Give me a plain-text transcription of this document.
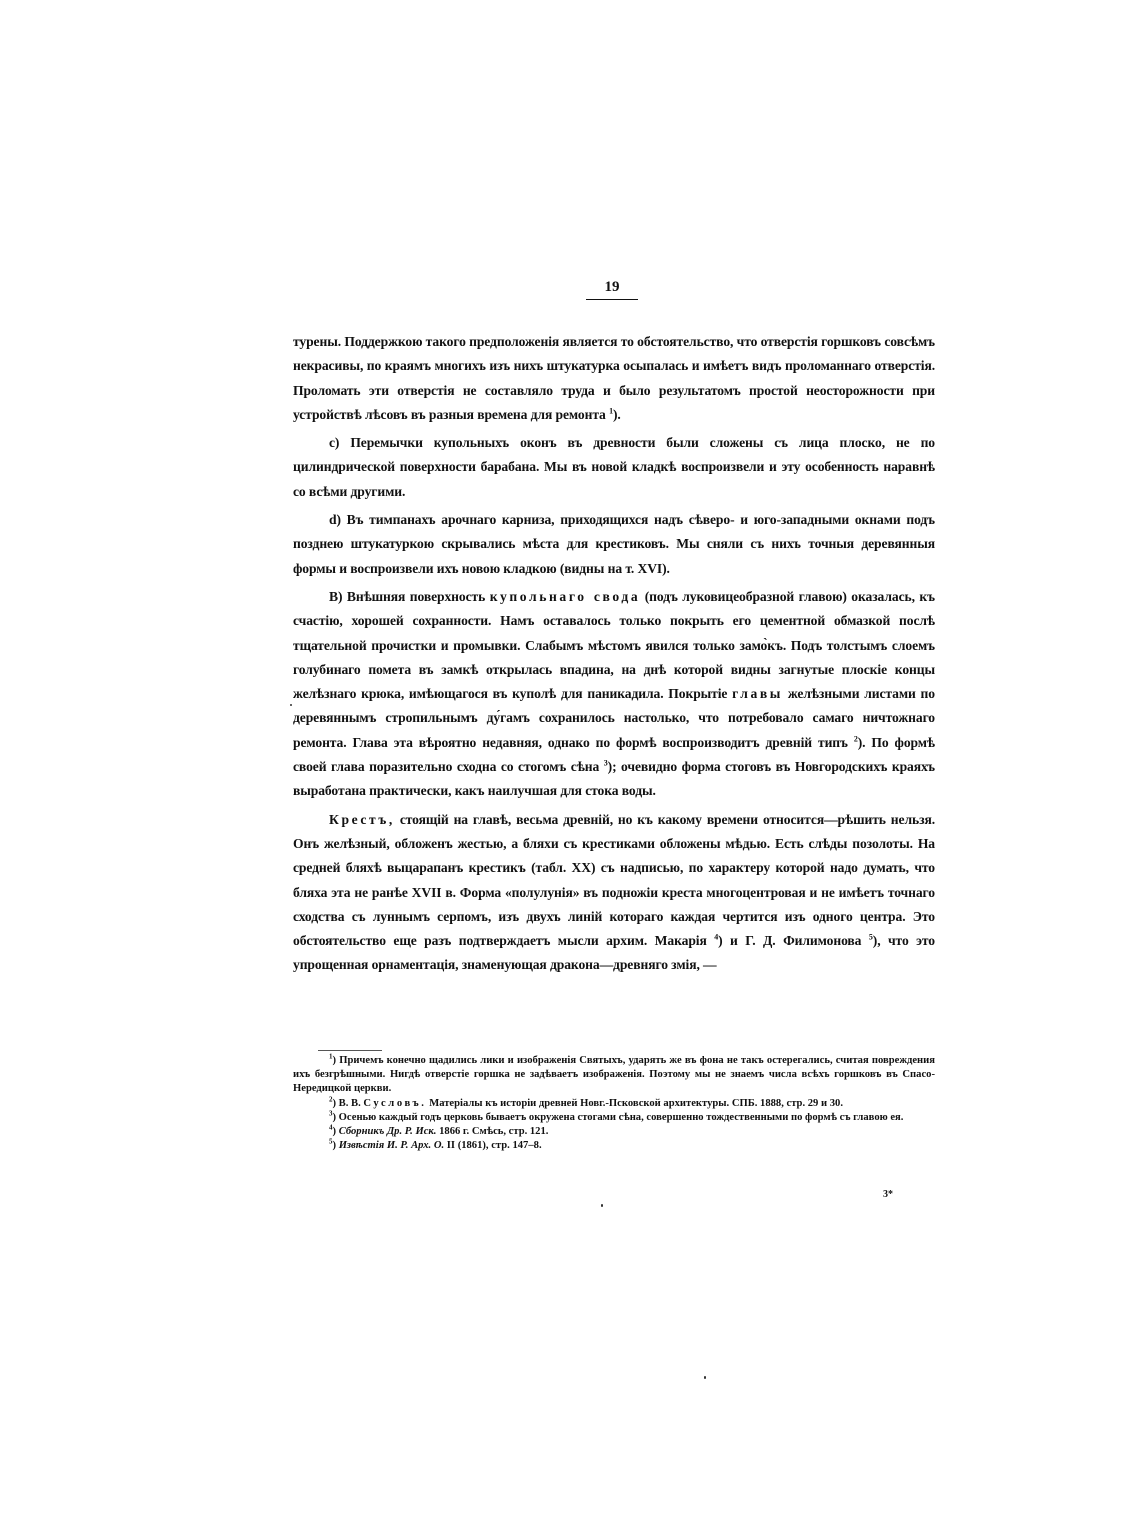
19

турены. Поддержкою такого предположенія является то обстоятельство, что отверстія горшковъ совсѣмъ некрасивы, по краямъ многихъ изъ нихъ штукатурка осыпалась и имѣетъ видъ проломаннаго отверстія. Проломать эти отверстія не составляло труда и было результатомъ простой неосторожности при устройствѣ лѣсовъ въ разныя времена для ремонта $^1$).

c) Перемычки купольныхъ оконъ въ древности были сложены съ лица плоско, не по цилиндрической поверхности барабана. Мы въ новой кладкѣ воспроизвели и эту особенность наравнѣ со всѣми другими.

d) Въ тимпанахъ арочнаго карниза, приходящихся надъ сѣверо- и юго-западными окнами подъ позднею штукатуркою скрывались мѣста для крестиковъ. Мы сняли съ нихъ точныя деревянныя формы и воспроизвели ихъ новою кладкою (видны на т. XVI).

B) Внѣшняя поверхность купольнаго свода (подъ луковицеобразной главою) оказалась, къ счастію, хорошей сохранности. Намъ оставалось только покрыть его цементной обмазкой послѣ тщательной прочистки и промывки. Слабымъ мѣстомъ явился только замо̀къ. Подъ толстымъ слоемъ голубинаго помета въ замкѣ открылась впадина, на днѣ которой видны загнутые плоскіе концы желѣзнаго крюка, имѣющагося въ куполѣ для паникадила. Покрытіе главы желѣзными листами по деревяннымъ стропильнымъ ду́гамъ сохранилось настолько, что потребовало самаго ничтожнаго ремонта. Глава эта вѣроятно недавняя, однако по формѣ воспроизводитъ древній типъ $^2$). По формѣ своей глава поразительно сходна со стогомъ сѣна $^3$); очевидно форма стоговъ въ Новгородскихъ краяхъ выработана практически, какъ наилучшая для стока воды.

Крестъ, стоящій на главѣ, весьма древній, но къ какому времени относится—рѣшить нельзя. Онъ желѣзный, обложенъ жестью, а бляхи съ крестиками обложены мѣдью. Есть слѣды позолоты. На средней бляхѣ выцарапанъ крестикъ (табл. XX) съ надписью, по характеру которой надо думать, что бляха эта не ранѣе XVII в. Форма «полулунія» въ подножіи креста многоцентровая и не имѣетъ точнаго сходства съ луннымъ серпомъ, изъ двухъ линій котораго каждая чертится изъ одного центра. Это обстоятельство еще разъ подтверждаетъ мысли архим. Макарія $^4$) и Г. Д. Филимонова $^5$), что это упрощенная орнаментація, знаменующая дракона—древняго змія, —

$^1$) Причемъ конечно щадились лики и изображенія Святыхъ, ударять же въ фона не такъ остерегались, считая повреждения ихъ безгрѣшными. Нигдѣ отверстіе горшка не задѣваетъ изображенія. Поэтому мы не знаемъ числа всѣхъ горшковъ въ Спасо-Нередицкой церкви.

$^2$) В. В. Сусловъ. Матеріалы къ исторіи древней Новг.-Псковской архитектуры. СПБ. 1888, стр. 29 и 30.

$^3$) Осенью каждый годъ церковь бываетъ окружена стогами сѣна, совершенно тождественными по формѣ съ главою ея.

$^4$) Сборникъ Др. Р. Иск. 1866 г. Смѣсь, стр. 121.

$^5$) Извѣстія И. Р. Арх. О. II (1861), стр. 147–8.

3*
